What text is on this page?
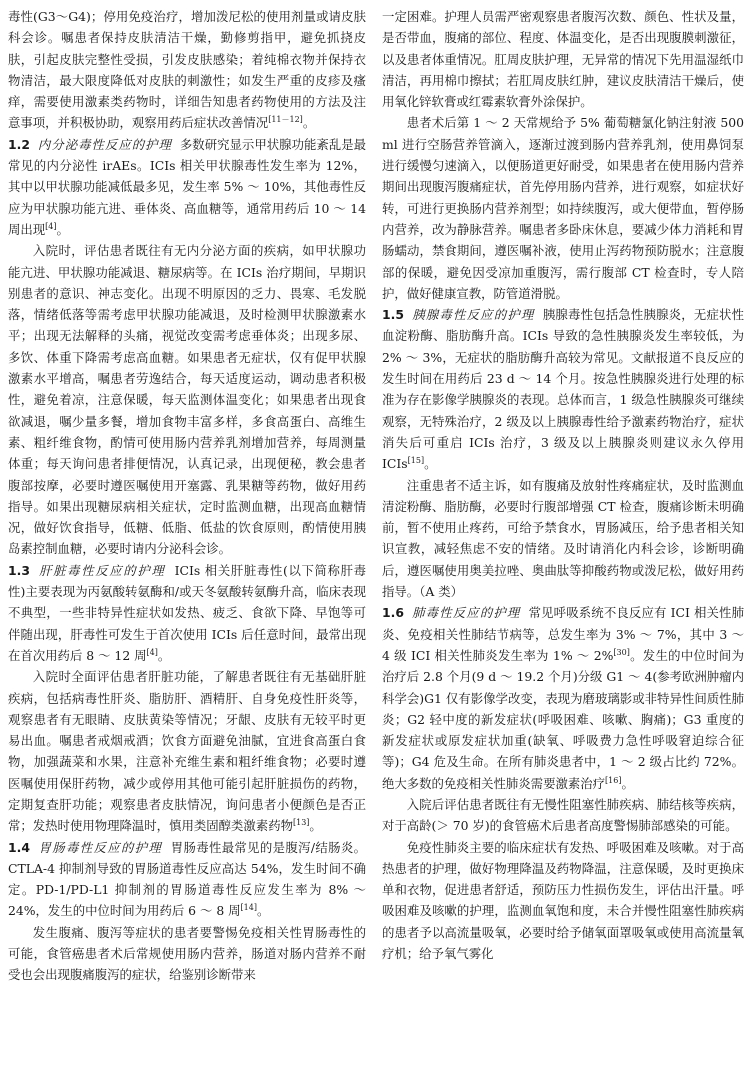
毒性(G3～G4)；停用免疫治疗，增加泼尼松的使用剂量或请皮肤科会诊。嘱患者保持皮肤清洁干燥，勤修剪指甲，避免抓挠皮肤，引起皮肤完整性受损，引发皮肤感染；着纯棉衣物并保持衣物清洁，最大限度降低对皮肤的刺激性；如发生严重的皮疹及瘙痒，需要使用激素类药物时，详细告知患者药物使用的方法及注意事项，并积极协助，观察用药后症状改善情况[11－12]。

1.2 内分泌毒性反应的护理 多数研究显示甲状腺功能紊乱是最常见的内分泌性 irAEs。ICIs 相关甲状腺毒性发生率为 12%，其中以甲状腺功能减低最多见，发生率 5% ～ 10%，其他毒性反应为甲状腺功能亢进、垂体炎、高血糖等，通常用药后 10 ～ 14 周出现[4]。

入院时，评估患者既往有无内分泌方面的疾病，如甲状腺功能亢进、甲状腺功能减退、糖尿病等。在 ICIs 治疗期间，早期识别患者的意识、神志变化。出现不明原因的乏力、畏寒、毛发脱落，情绪低落等需考虑甲状腺功能减退，及时检测甲状腺激素水平；出现无法解释的头痛，视觉改变需考虑垂体炎；出现多尿、多饮、体重下降需考虑高血糖。如果患者无症状，仅有促甲状腺激素水平增高，嘱患者劳逸结合，每天适度运动，调动患者积极性，避免着凉，注意保暖，每天监测体温变化；如果患者出现食欲减退，嘱少量多餐，增加食物丰富多样，多食高蛋白、高维生素、粗纤维食物，酌情可使用肠内营养乳剂增加营养，每周测量体重；每天询问患者排便情况，认真记录，出现便秘，教会患者腹部按摩，必要时遵医嘱使用开塞露、乳果糖等药物，做好用药指导。如果出现糖尿病相关症状，定时监测血糖，出现高血糖情况，做好饮食指导，低糖、低脂、低盐的饮食原则，酌情使用胰岛素控制血糖，必要时请内分泌科会诊。

1.3 肝脏毒性反应的护理 ICIs 相关肝脏毒性(以下简称肝毒性)主要表现为丙氨酸转氨酶和/或天冬氨酸转氨酶升高，临床表现不典型，一些非特异性症状如发热、疲乏、食欲下降、早饱等可伴随出现，肝毒性可发生于首次使用 ICIs 后任意时间，最常出现在首次用药后 8 ～ 12 周[4]。

入院时全面评估患者肝脏功能，了解患者既往有无基础肝脏疾病，包括病毒性肝炎、脂肪肝、酒精肝、自身免疫性肝炎等，观察患者有无眼睛、皮肤黄染等情况；牙龈、皮肤有无较平时更易出血。嘱患者戒烟戒酒；饮食方面避免油腻，宜进食高蛋白食物，加强蔬菜和水果，注意补充维生素和粗纤维食物；必要时遵医嘱使用保肝药物，减少或停用其他可能引起肝脏损伤的药物，定期复查肝功能；观察患者皮肤情况，询问患者小便颜色是否正常；发热时使用物理降温时，慎用类固醇类激素药物[13]。

1.4 胃肠毒性反应的护理 胃肠毒性最常见的是腹泻/结肠炎。CTLA-4 抑制剂导致的胃肠道毒性反应高达 54%，发生时间不确定。PD-1/PD-L1 抑制剂的胃肠道毒性反应发生率为 8% ～ 24%，发生的中位时间为用药后 6 ～ 8 周[14]。

发生腹痛、腹泻等症状的患者要警惕免疫相关性胃肠毒性的可能，食管癌患者术后常规使用肠内营养，肠道对肠内营养不耐受也会出现腹痛腹泻的症状，给鉴别诊断带来

一定困难。护理人员需严密观察患者腹泻次数、颜色、性状及量，是否带血，腹痛的部位、程度、体温变化，是否出现腹膜刺激征，以及患者体重情况。肛周皮肤护理，无异常的情况下先用温湿纸巾清洁，再用棉巾擦拭；若肛周皮肤红肿，建议皮肤清洁干燥后，使用氧化锌软膏或红霉素软膏外涂保护。

患者术后第 1 ～ 2 天常规给予 5% 葡萄糖氯化钠注射液 500 ml 进行空肠营养管滴入，逐渐过渡到肠内营养乳剂，使用鼻饲泵进行缓慢匀速滴入，以便肠道更好耐受，如果患者在使用肠内营养期间出现腹泻腹痛症状，首先停用肠内营养，进行观察，如症状好转，可进行更换肠内营养剂型；如持续腹泻，或大便带血，暂停肠内营养，改为静脉营养。嘱患者多卧床休息，要减少体力消耗和胃肠蠕动，禁食期间，遵医嘱补液，使用止泻药物预防脱水；注意腹部的保暖，避免因受凉加重腹泻，需行腹部 CT 检查时，专人陪护，做好健康宣教，防管道滑脱。

1.5 胰腺毒性反应的护理 胰腺毒性包括急性胰腺炎，无症状性血淀粉酶、脂肪酶升高。ICIs 导致的急性胰腺炎发生率较低，为 2% ～ 3%，无症状的脂肪酶升高较为常见。文献报道不良反应的发生时间在用药后 23 d ～ 14 个月。按急性胰腺炎进行处理的标准为存在影像学胰腺炎的表现。总体而言，1 级急性胰腺炎可继续观察，无特殊治疗，2 级及以上胰腺毒性给予激素药物治疗，症状消失后可重启 ICIs 治疗，3 级及以上胰腺炎则建议永久停用 ICIs[15]。

注重患者不适主诉，如有腹痛及放射性疼痛症状，及时监测血清淀粉酶、脂肪酶，必要时行腹部增强 CT 检查，腹痛诊断未明确前，暂不使用止疼药，可给予禁食水，胃肠减压，给予患者相关知识宣教，减轻焦虑不安的情绪。及时请消化内科会诊，诊断明确后，遵医嘱使用奥美拉唑、奥曲肽等抑酸药物或泼尼松，做好用药指导。（A 类）

1.6 肺毒性反应的护理 常见呼吸系统不良反应有 ICI 相关性肺炎、免疫相关性肺结节病等，总发生率为 3% ～ 7%，其中 3 ～ 4 级 ICI 相关性肺炎发生率为 1% ～ 2%[30]。发生的中位时间为治疗后 2.8 个月(9 d ～ 19.2 个月)分级 G1 ～ 4(参考欧洲肿瘤内科学会)G1 仅有影像学改变，表现为磨玻璃影或非特异性间质性肺炎；G2 轻中度的新发症状(呼吸困难、咳嗽、胸痛)；G3 重度的新发症状或原发症状加重(缺氧、呼吸费力急性呼吸窘迫综合征等)；G4 危及生命。在所有肺炎患者中，1 ～ 2 级占比约 72%。绝大多数的免疫相关性肺炎需要激素治疗[16]。

入院后评估患者既往有无慢性阻塞性肺疾病、肺结核等疾病，对于高龄(＞ 70 岁)的食管癌术后患者高度警惕肺部感染的可能。

免疫性肺炎主要的临床症状有发热、呼吸困难及咳嗽。对于高热患者的护理，做好物理降温及药物降温，注意保暖，及时更换床单和衣物，促进患者舒适，预防压力性损伤发生，评估出汗量。呼吸困难及咳嗽的护理，监测血氧饱和度，未合并慢性阻塞性肺疾病的患者予以高流量吸氧，必要时给予储氧面罩吸氧或使用高流量氧疗机；给予氧气雾化
